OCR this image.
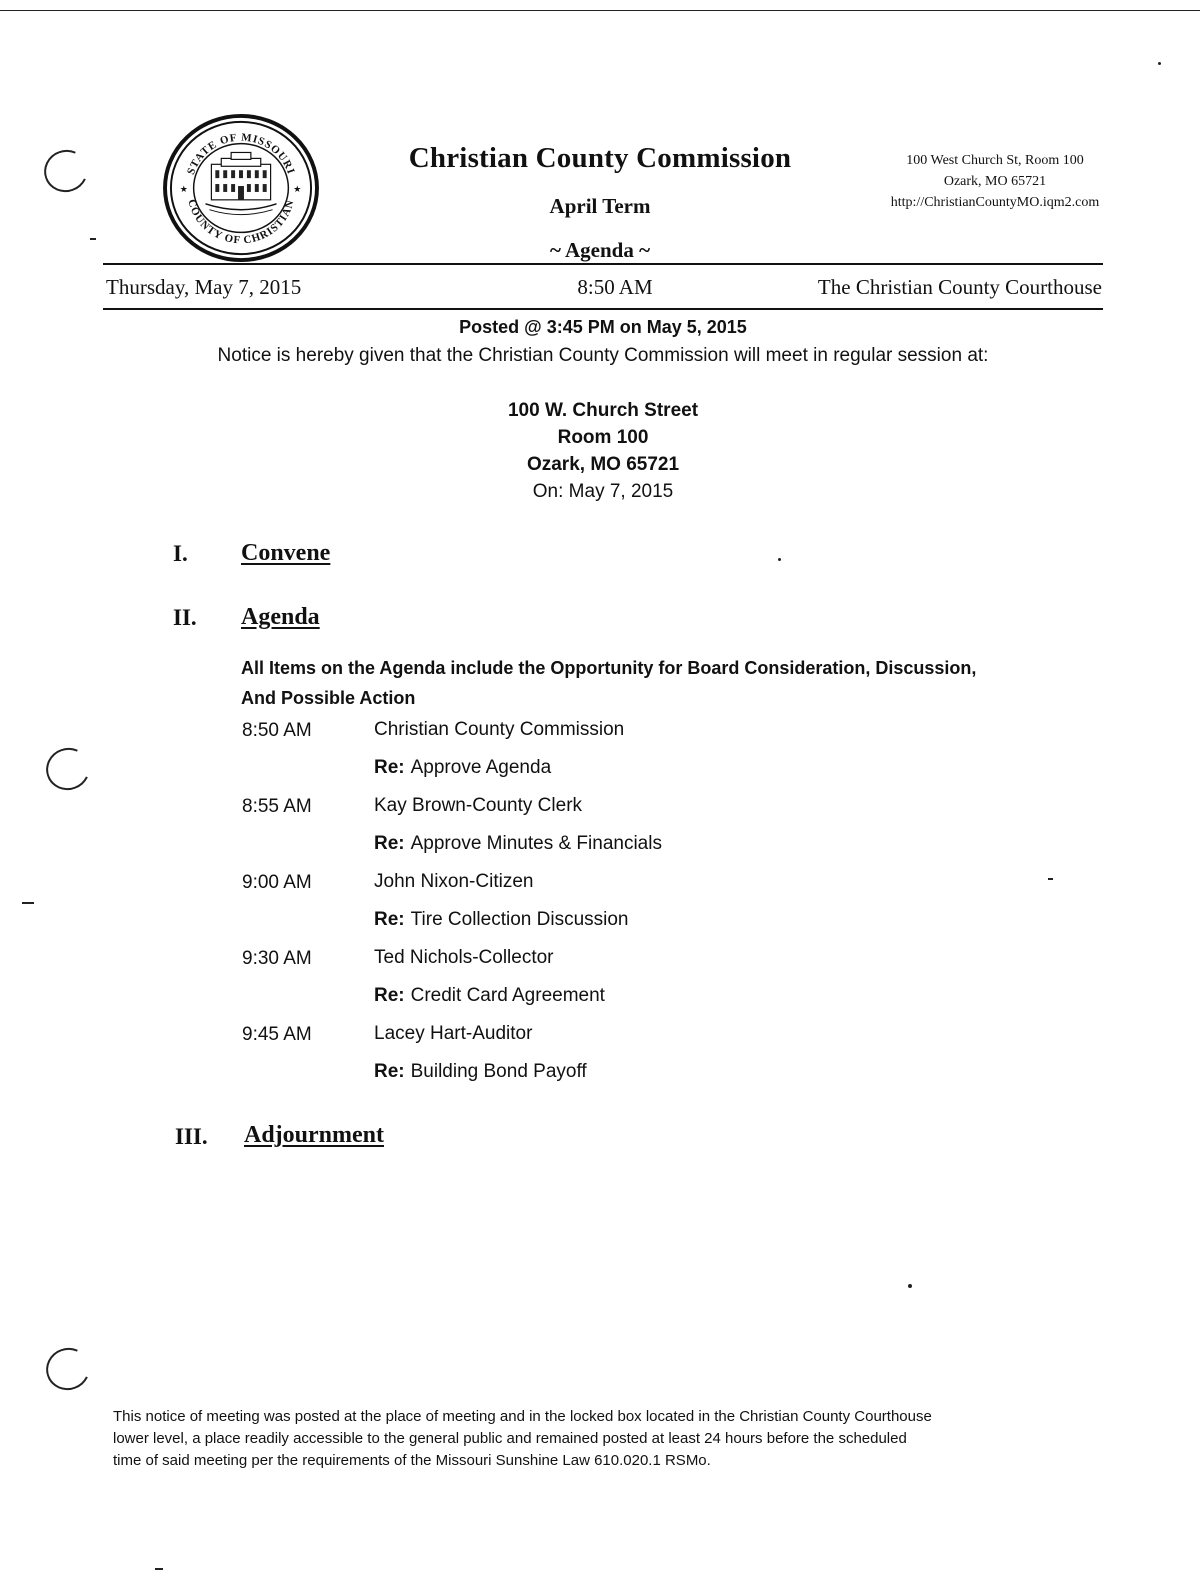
STATE OF MISSOURI
COUNTY OF CHRISTIAN
★	★
Christian County Commission
April Term
~ Agenda ~
100 West Church St, Room 100
Ozark, MO 65721
http://ChristianCountyMO.iqm2.com
Thursday, May 7, 2015	8:50 AM	The Christian County Courthouse
Posted @ 3:45 PM on May 5, 2015
Notice is hereby given that the Christian County Commission will meet in regular session at:
100 W. Church Street
Room 100
Ozark, MO 65721
On: May 7, 2015
I. Convene
II. Agenda
All Items on the Agenda include the Opportunity for Board Consideration, Discussion,
And Possible Action
8:50 AM	Christian County Commission
Re: Approve Agenda
8:55 AM	Kay Brown-County Clerk
Re: Approve Minutes & Financials
9:00 AM	John Nixon-Citizen
Re: Tire Collection Discussion
9:30 AM	Ted Nichols-Collector
Re: Credit Card Agreement
9:45 AM	Lacey Hart-Auditor
Re: Building Bond Payoff
III. Adjournment
This notice of meeting was posted at the place of meeting and in the locked box located in the Christian County Courthouse
lower level, a place readily accessible to the general public and remained posted at least 24 hours before the scheduled
time of said meeting per the requirements of the Missouri Sunshine Law 610.020.1 RSMo.
